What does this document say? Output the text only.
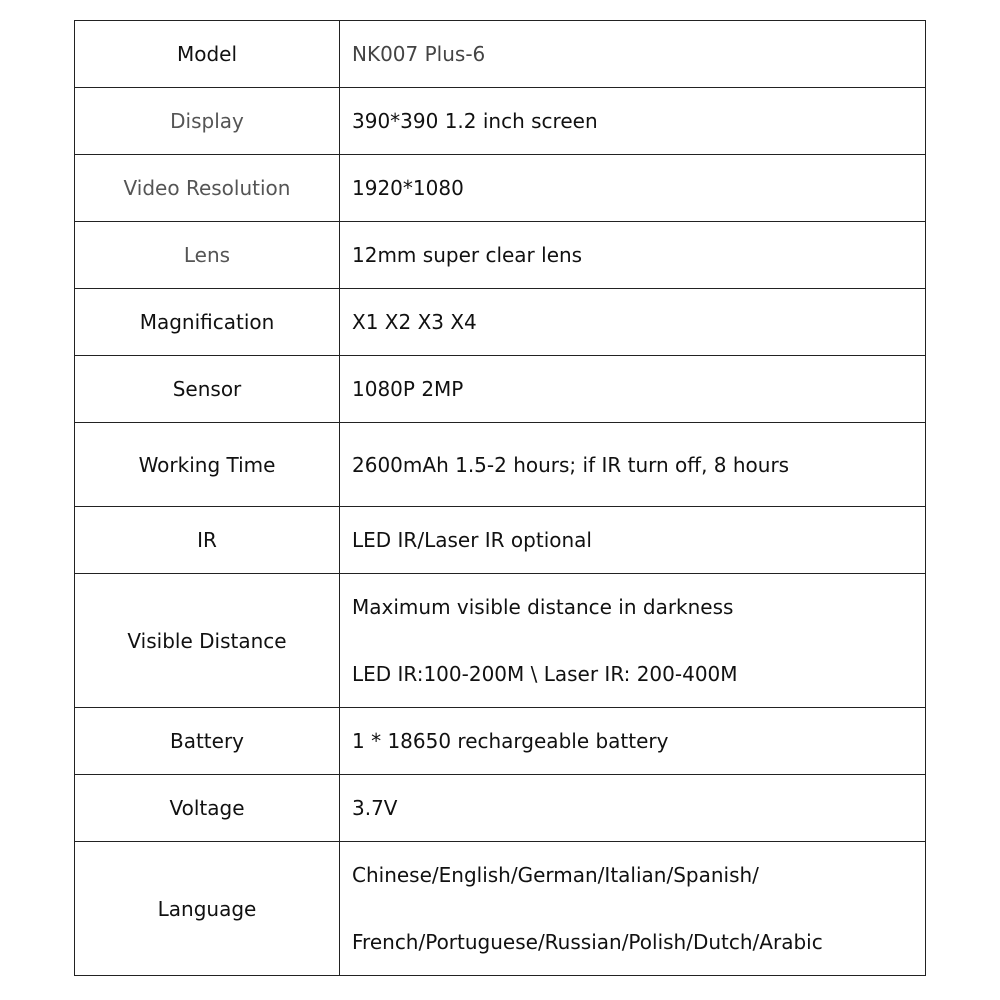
Model	NK007 Plus-6
Display	390*390 1.2 inch screen
Video Resolution	1920*1080
Lens	12mm super clear lens
Magnification	X1 X2 X3 X4
Sensor	1080P 2MP
Working Time	2600mAh 1.5-2 hours; if IR turn off, 8 hours
IR	LED IR/Laser IR optional
Visible Distance	Maximum visible distance in darkness
LED IR:100-200M \ Laser IR: 200-400M

Battery	1 * 18650 rechargeable battery
Voltage	3.7V
Language	Chinese/English/German/Italian/Spanish/
French/Portuguese/Russian/Polish/Dutch/Arabic
